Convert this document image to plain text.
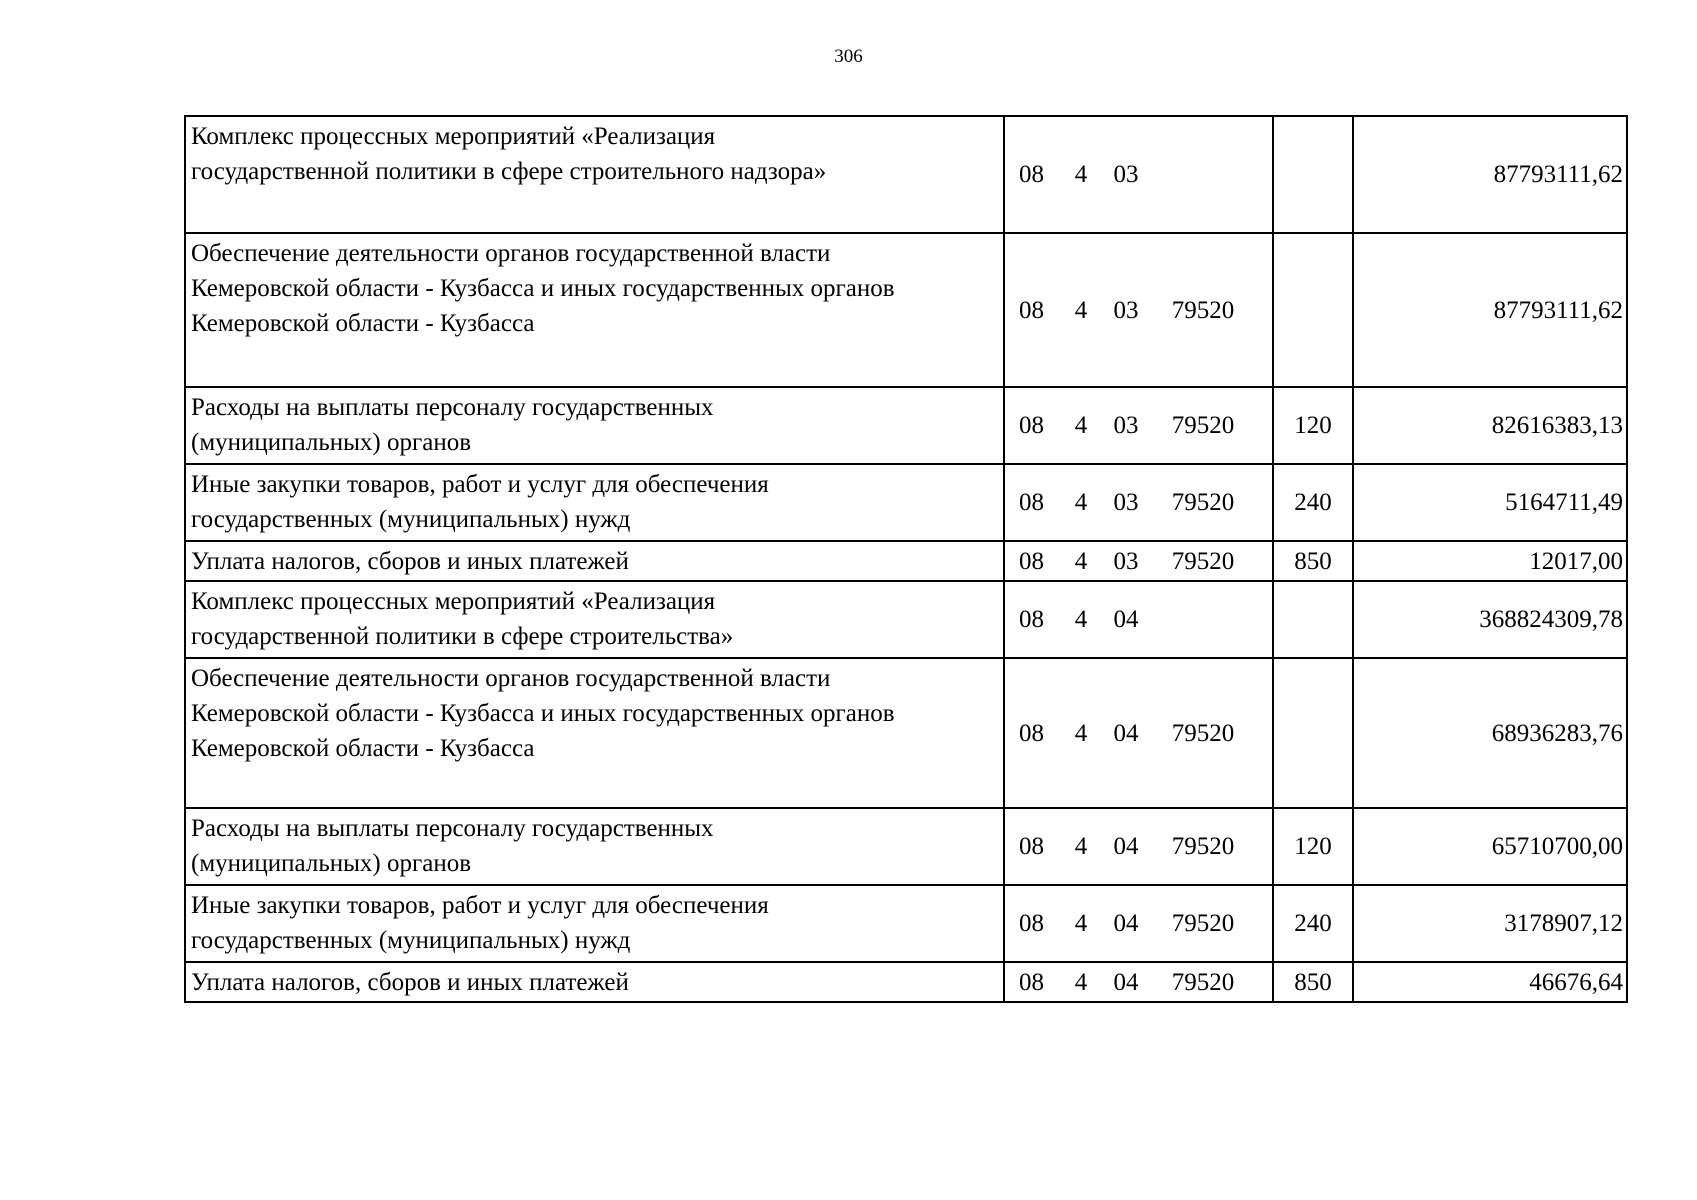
306
Комплекс процессных мероприятий «Реализация
государственной политики в сфере строительного надзора»	08 4 03		87793111,62
Обеспечение деятельности органов государственной власти
Кемеровской области - Кузбасса и иных государственных органов
Кемеровской области - Кузбасса	08 4 03 79520		87793111,62
Расходы на выплаты персоналу государственных
(муниципальных) органов	08 4 03 79520	120	82616383,13
Иные закупки товаров, работ и услуг для обеспечения
государственных (муниципальных) нужд	08 4 03 79520	240	5164711,49
Уплата налогов, сборов и иных платежей	08 4 03 79520	850	12017,00
Комплекс процессных мероприятий «Реализация
государственной политики в сфере строительства»	08 4 04		368824309,78
Обеспечение деятельности органов государственной власти
Кемеровской области - Кузбасса и иных государственных органов
Кемеровской области - Кузбасса	08 4 04 79520		68936283,76
Расходы на выплаты персоналу государственных
(муниципальных) органов	08 4 04 79520	120	65710700,00
Иные закупки товаров, работ и услуг для обеспечения
государственных (муниципальных) нужд	08 4 04 79520	240	3178907,12
Уплата налогов, сборов и иных платежей	08 4 04 79520	850	46676,64
